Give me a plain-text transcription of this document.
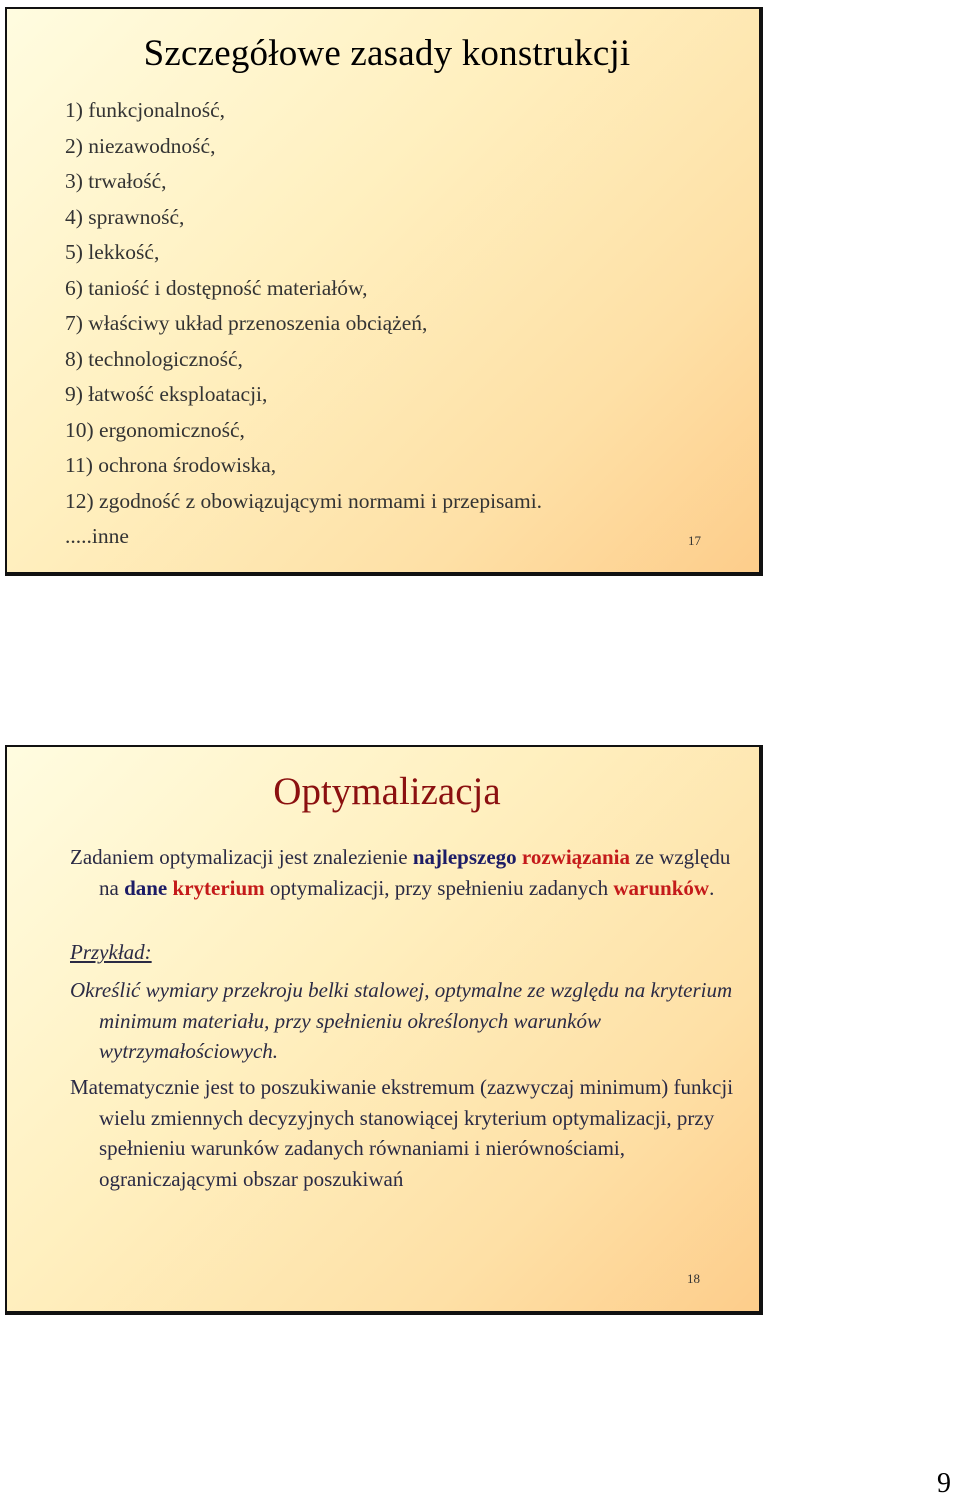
Szczegółowe zasady konstrukcji
1) funkcjonalność,
2) niezawodność,
3) trwałość,
4) sprawność,
5) lekkość,
6) taniość i dostępność materiałów,
7) właściwy układ przenoszenia obciążeń,
8) technologiczność,
9) łatwość eksploatacji,
10) ergonomiczność,
11) ochrona środowiska,
12) zgodność z obowiązującymi normami i przepisami.
.....inne	17
Optymalizacja
Zadaniem optymalizacji jest znalezienie najlepszego rozwiązania ze względu na dane kryterium optymalizacji, przy spełnieniu zadanych warunków.
Przykład:
Określić wymiary przekroju belki stalowej, optymalne ze względu na kryterium minimum materiału, przy spełnieniu określonych warunków wytrzymałościowych.
Matematycznie jest to poszukiwanie ekstremum (zazwyczaj minimum) funkcji wielu zmiennych decyzyjnych stanowiącej kryterium optymalizacji, przy spełnieniu warunków zadanych równaniami i nierównościami, ograniczającymi obszar poszukiwań
18
9
